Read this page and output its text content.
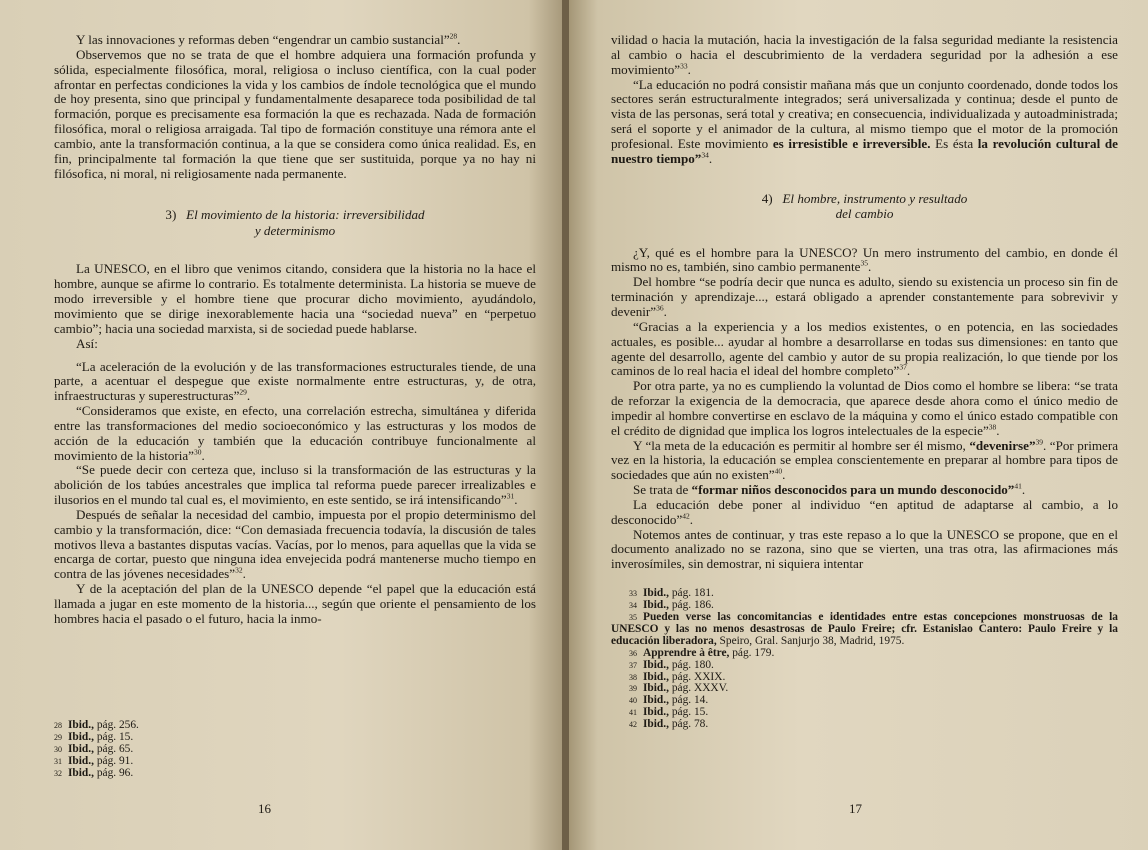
Y las innovaciones y reformas deben “engendrar un cambio sustancial”$^{28}$.

Observemos que no se trata de que el hombre adquiera una formación profunda y sólida, especialmente filosófica, moral, religiosa o incluso científica, con la cual poder afrontar en perfectas condiciones la vida y los cambios de índole tecnológica que el mundo de hoy presenta, sino que principal y fundamentalmente desaparece toda posibilidad de tal formación, porque es precisamente esa formación la que es rechazada. Nada de formación filosófica, moral o religiosa arraigada. Tal tipo de formación constituye una rémora ante el cambio, ante la transformación continua, a la que se considera como única realidad. Es, en fin, principalmente tal formación la que tiene que ser sustituida, porque ya no hay ni filósofica, ni moral, ni religiosamente nada permanente.

3) El movimiento de la historia: irreversibilidad
y determinismo

La UNESCO, en el libro que venimos citando, considera que la historia no la hace el hombre, aunque se afirme lo contrario. Es totalmente determinista. La historia se mueve de modo irreversible y el hombre tiene que procurar dicho movimiento, ayudándolo, movimiento que se dirige inexorablemente hacia una “sociedad nueva” en “perpetuo cambio”; hacia una sociedad marxista, si de sociedad puede hablarse.

Así:

“La aceleración de la evolución y de las transformaciones estructurales tiende, de una parte, a acentuar el despegue que existe normalmente entre estructuras, y, de otra, infraestructuras y superestructuras”$^{29}$.

“Consideramos que existe, en efecto, una correlación estrecha, simultánea y diferida entre las transformaciones del medio socioeconómico y las estructuras y los modos de acción de la educación y también que la educación contribuye funcionalmente al movimiento de la historia”$^{30}$.

“Se puede decir con certeza que, incluso si la transformación de las estructuras y la abolición de los tabúes ancestrales que implica tal reforma puede parecer irrealizables e ilusorios en el mundo tal cual es, el movimiento, en este sentido, se irá intensificando”$^{31}$.

Después de señalar la necesidad del cambio, impuesta por el propio determinismo del cambio y la transformación, dice: “Con demasiada frecuencia todavía, la discusión de tales motivos lleva a bastantes disputas vacías. Vacías, por lo menos, para aquellas que la vida se encarga de cortar, puesto que ninguna idea envejecida podrá mantenerse mucho tiempo en contra de las jóvenes necesidades”$^{32}$.

Y de la aceptación del plan de la UNESCO depende “el papel que la educación está llamada a jugar en este momento de la historia..., según que oriente el pensamiento de los hombres hacia el pasado o el futuro, hacia la inmo-

28 Ibid., pág. 256.
29 Ibid., pág. 15.
30 Ibid., pág. 65.
31 Ibid., pág. 91.
32 Ibid., pág. 96.
16

vilidad o hacia la mutación, hacia la investigación de la falsa seguridad mediante la resistencia al cambio o hacia el descubrimiento de la verdadera seguridad por la adhesión a ese movimiento”$^{33}$.

“La educación no podrá consistir mañana más que un conjunto coordenado, donde todos los sectores serán estructuralmente integrados; será universalizada y continua; desde el punto de vista de las personas, será total y creativa; en consecuencia, individualizada y autoadministrada; será el soporte y el animador de la cultura, al mismo tiempo que el motor de la promoción profesional. Este movimiento es irresistible e irreversible. Es ésta la revolución cultural de nuestro tiempo”$^{34}$.

4) El hombre, instrumento y resultado
del cambio

¿Y, qué es el hombre para la UNESCO? Un mero instrumento del cambio, en donde él mismo no es, también, sino cambio permanente$^{35}$.

Del hombre “se podría decir que nunca es adulto, siendo su existencia un proceso sin fin de terminación y aprendizaje..., estará obligado a aprender constantemente para sobrevivir y devenir”$^{36}$.

“Gracias a la experiencia y a los medios existentes, o en potencia, en las sociedades actuales, es posible... ayudar al hombre a desarrollarse en todas sus dimensiones: en tanto que agente del desarrollo, agente del cambio y autor de su propia realización, lo que tiende por los caminos de lo real hacia el ideal del hombre completo”$^{37}$.

Por otra parte, ya no es cumpliendo la voluntad de Dios como el hombre se libera: “se trata de reforzar la exigencia de la democracia, que aparece desde ahora como el único medio de impedir al hombre convertirse en esclavo de la máquina y como el único estado compatible con el crédito de dignidad que implica los logros intelectuales de la especie”$^{38}$.

Y “la meta de la educación es permitir al hombre ser él mismo, “devenirse”$^{39}$. “Por primera vez en la historia, la educación se emplea conscientemente en preparar al hombre para tipos de sociedades que aún no existen”$^{40}$.

Se trata de “formar niños desconocidos para un mundo desconocido”$^{41}$.

La educación debe poner al individuo “en aptitud de adaptarse al cambio, a lo desconocido”$^{42}$.

Notemos antes de continuar, y tras este repaso a lo que la UNESCO se propone, que en el documento analizado no se razona, sino que se vierten, una tras otra, las afirmaciones más inverosímiles, sin demostrar, ni siquiera intentar

33 Ibid., pág. 181.
34 Ibid., pág. 186.
35 Pueden verse las concomitancias e identidades entre estas concepciones monstruosas de la UNESCO y las no menos desastrosas de Paulo Freire; cfr. Estanislao Cantero: Paulo Freire y la educación liberadora, Speiro, Gral. Sanjurjo 38, Madrid, 1975.
36 Apprendre à être, pág. 179.
37 Ibid., pág. 180.
38 Ibid., pág. XXIX.
39 Ibid., pág. XXXV.
40 Ibid., pág. 14.
41 Ibid., pág. 15.
42 Ibid., pág. 78.
17
